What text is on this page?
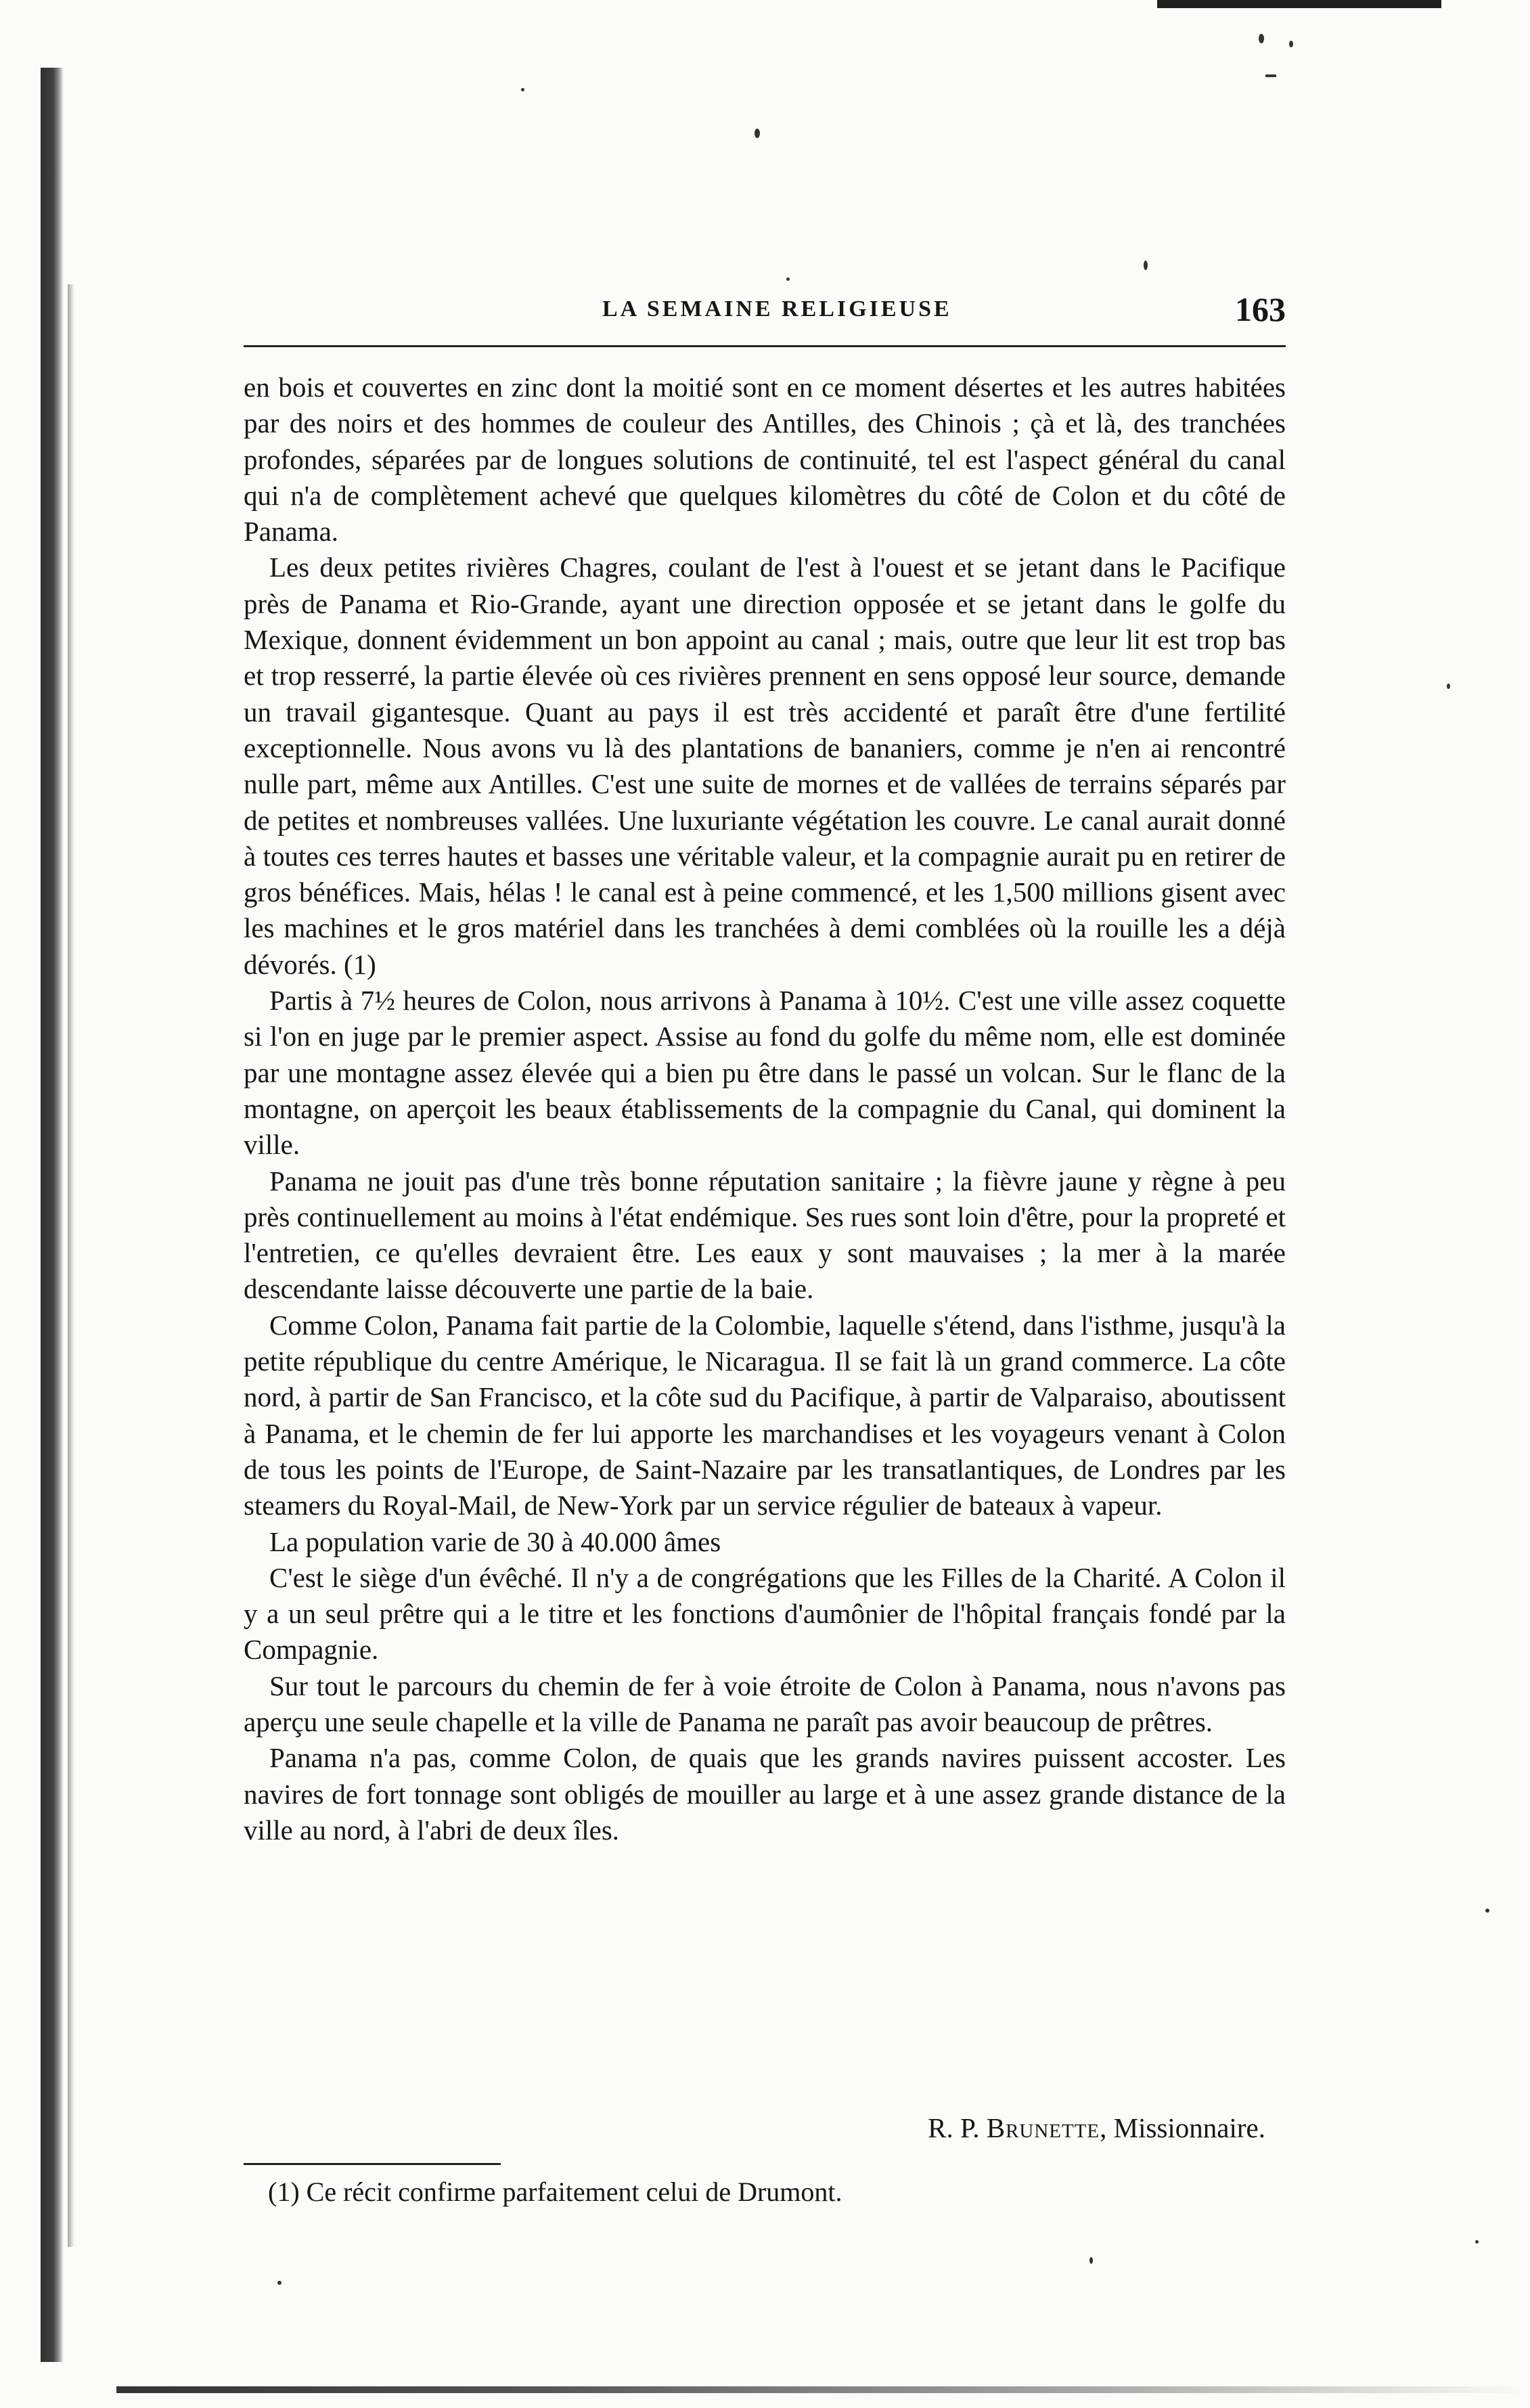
LA SEMAINE RELIGIEUSE	163

en bois et couvertes en zinc dont la moitié sont en ce moment désertes et les autres habitées par des noirs et des hommes de couleur des Antilles, des Chinois ; çà et là, des tranchées profondes, séparées par de longues solutions de continuité, tel est l'aspect général du canal qui n'a de complètement achevé que quelques kilomètres du côté de Colon et du côté de Panama.

Les deux petites rivières Chagres, coulant de l'est à l'ouest et se jetant dans le Pacifique près de Panama et Rio-Grande, ayant une direction opposée et se jetant dans le golfe du Mexique, donnent évidemment un bon appoint au canal ; mais, outre que leur lit est trop bas et trop resserré, la partie élevée où ces rivières prennent en sens opposé leur source, demande un travail gigantesque. Quant au pays il est très accidenté et paraît être d'une fertilité exceptionnelle. Nous avons vu là des plantations de bananiers, comme je n'en ai rencontré nulle part, même aux Antilles. C'est une suite de mornes et de vallées de terrains séparés par de petites et nombreuses vallées. Une luxuriante végétation les couvre. Le canal aurait donné à toutes ces terres hautes et basses une véritable valeur, et la compagnie aurait pu en retirer de gros bénéfices. Mais, hélas ! le canal est à peine commencé, et les 1,500 millions gisent avec les machines et le gros matériel dans les tranchées à demi comblées où la rouille les a déjà dévorés. (1)

Partis à 7½ heures de Colon, nous arrivons à Panama à 10½. C'est une ville assez coquette si l'on en juge par le premier aspect. Assise au fond du golfe du même nom, elle est dominée par une montagne assez élevée qui a bien pu être dans le passé un volcan. Sur le flanc de la montagne, on aperçoit les beaux établissements de la compagnie du Canal, qui dominent la ville.

Panama ne jouit pas d'une très bonne réputation sanitaire ; la fièvre jaune y règne à peu près continuellement au moins à l'état endémique. Ses rues sont loin d'être, pour la propreté et l'entretien, ce qu'elles devraient être. Les eaux y sont mauvaises ; la mer à la marée descendante laisse découverte une partie de la baie.

Comme Colon, Panama fait partie de la Colombie, laquelle s'étend, dans l'isthme, jusqu'à la petite république du centre Amérique, le Nicaragua. Il se fait là un grand commerce. La côte nord, à partir de San Francisco, et la côte sud du Pacifique, à partir de Valparaiso, aboutissent à Panama, et le chemin de fer lui apporte les marchandises et les voyageurs venant à Colon de tous les points de l'Europe, de Saint-Nazaire par les transatlantiques, de Londres par les steamers du Royal-Mail, de New-York par un service régulier de bateaux à vapeur.

La population varie de 30 à 40.000 âmes

C'est le siège d'un évêché. Il n'y a de congrégations que les Filles de la Charité. A Colon il y a un seul prêtre qui a le titre et les fonctions d'aumônier de l'hôpital français fondé par la Compagnie.

Sur tout le parcours du chemin de fer à voie étroite de Colon à Panama, nous n'avons pas aperçu une seule chapelle et la ville de Panama ne paraît pas avoir beaucoup de prêtres.

Panama n'a pas, comme Colon, de quais que les grands navires puissent accoster. Les navires de fort tonnage sont obligés de mouiller au large et à une assez grande distance de la ville au nord, à l'abri de deux îles.

R. P. Brunette, Missionnaire.
(1) Ce récit confirme parfaitement celui de Drumont.
